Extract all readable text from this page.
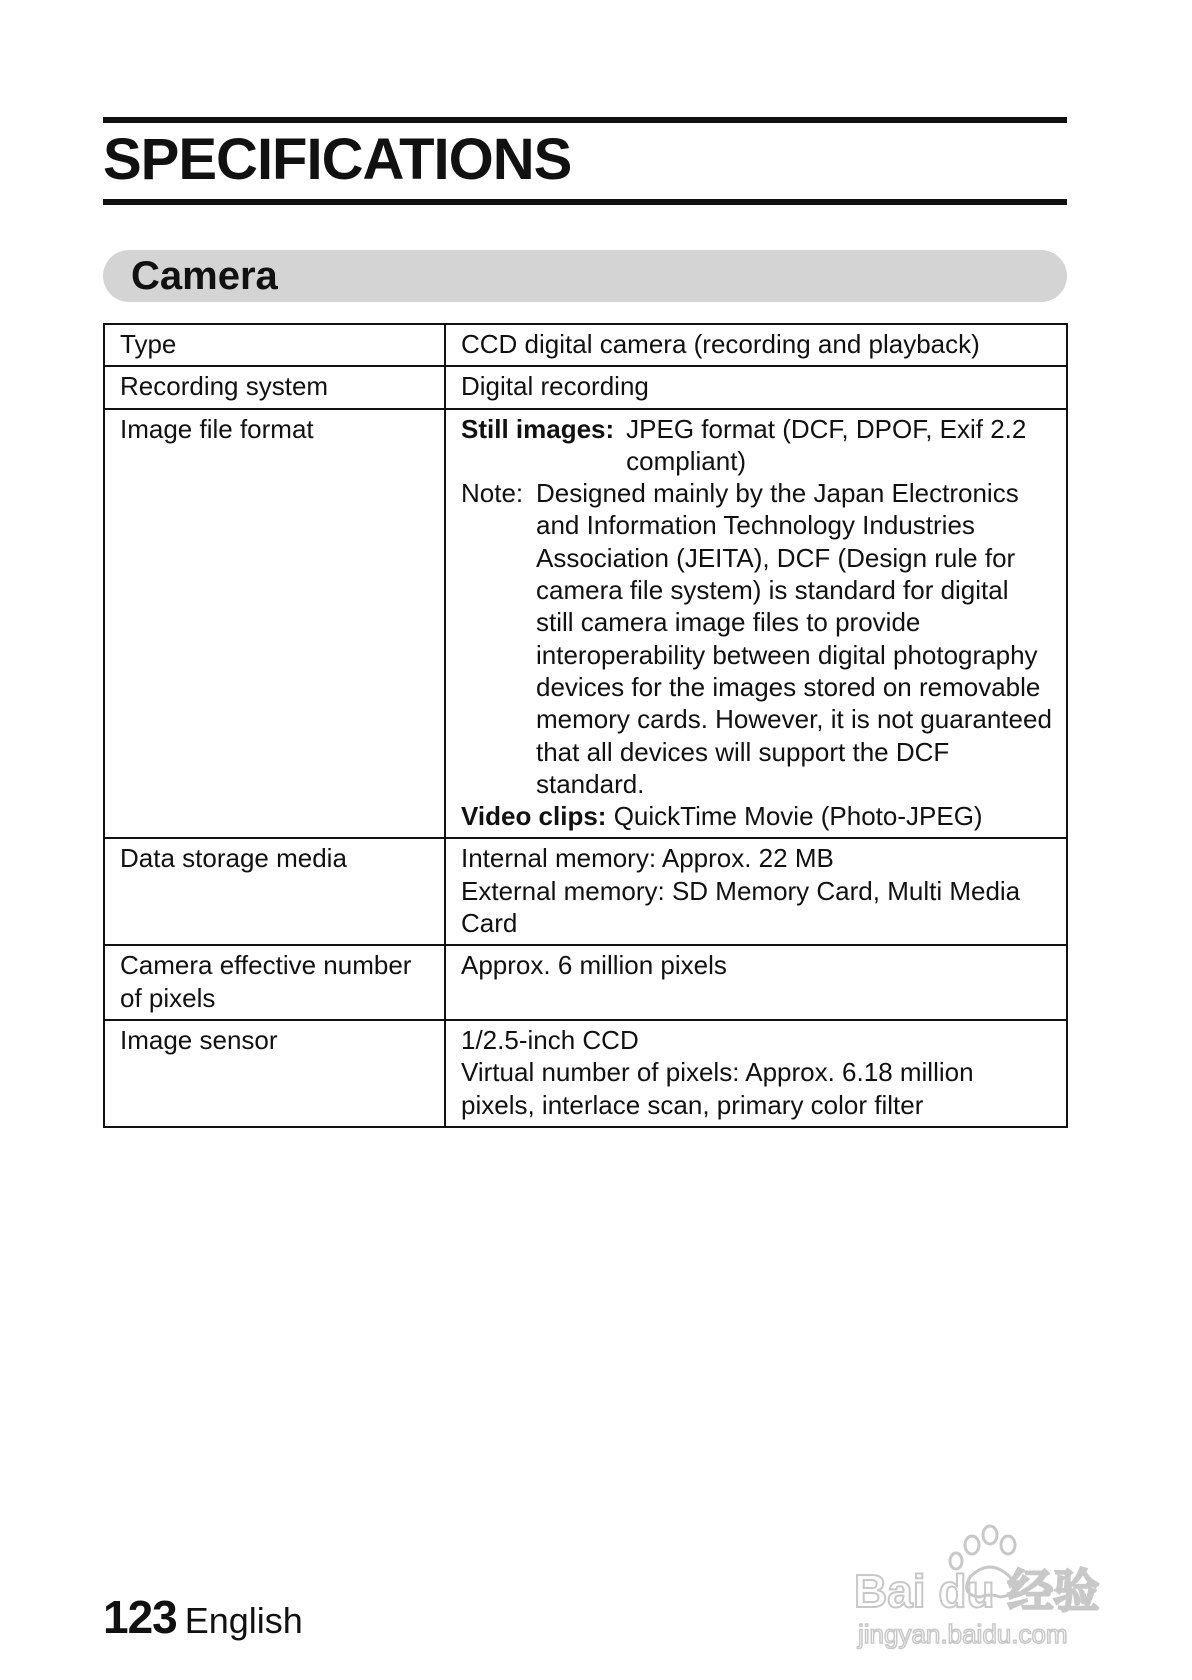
SPECIFICATIONS
Camera
Type	CCD digital camera (recording and playback)
Recording system	Digital recording
Image file format	Still images: JPEG format (DCF, DPOF, Exif 2.2 compliant)
Note: Designed mainly by the Japan Electronics and Information Technology Industries Association (JEITA), DCF (Design rule for camera file system) is standard for digital still camera image files to provide interoperability between digital photography devices for the images stored on removable memory cards. However, it is not guaranteed that all devices will support the DCF standard.
Video clips: QuickTime Movie (Photo-JPEG)

Data storage media	Internal memory: Approx. 22 MB
External memory: SD Memory Card, Multi Media Card

Camera effective number of pixels	Approx. 6 million pixels
Image sensor	1/2.5-inch CCD
Virtual number of pixels: Approx. 6.18 million pixels, interlace scan, primary color filter
123 English
Bai du 经验
jingyan.baidu.com
